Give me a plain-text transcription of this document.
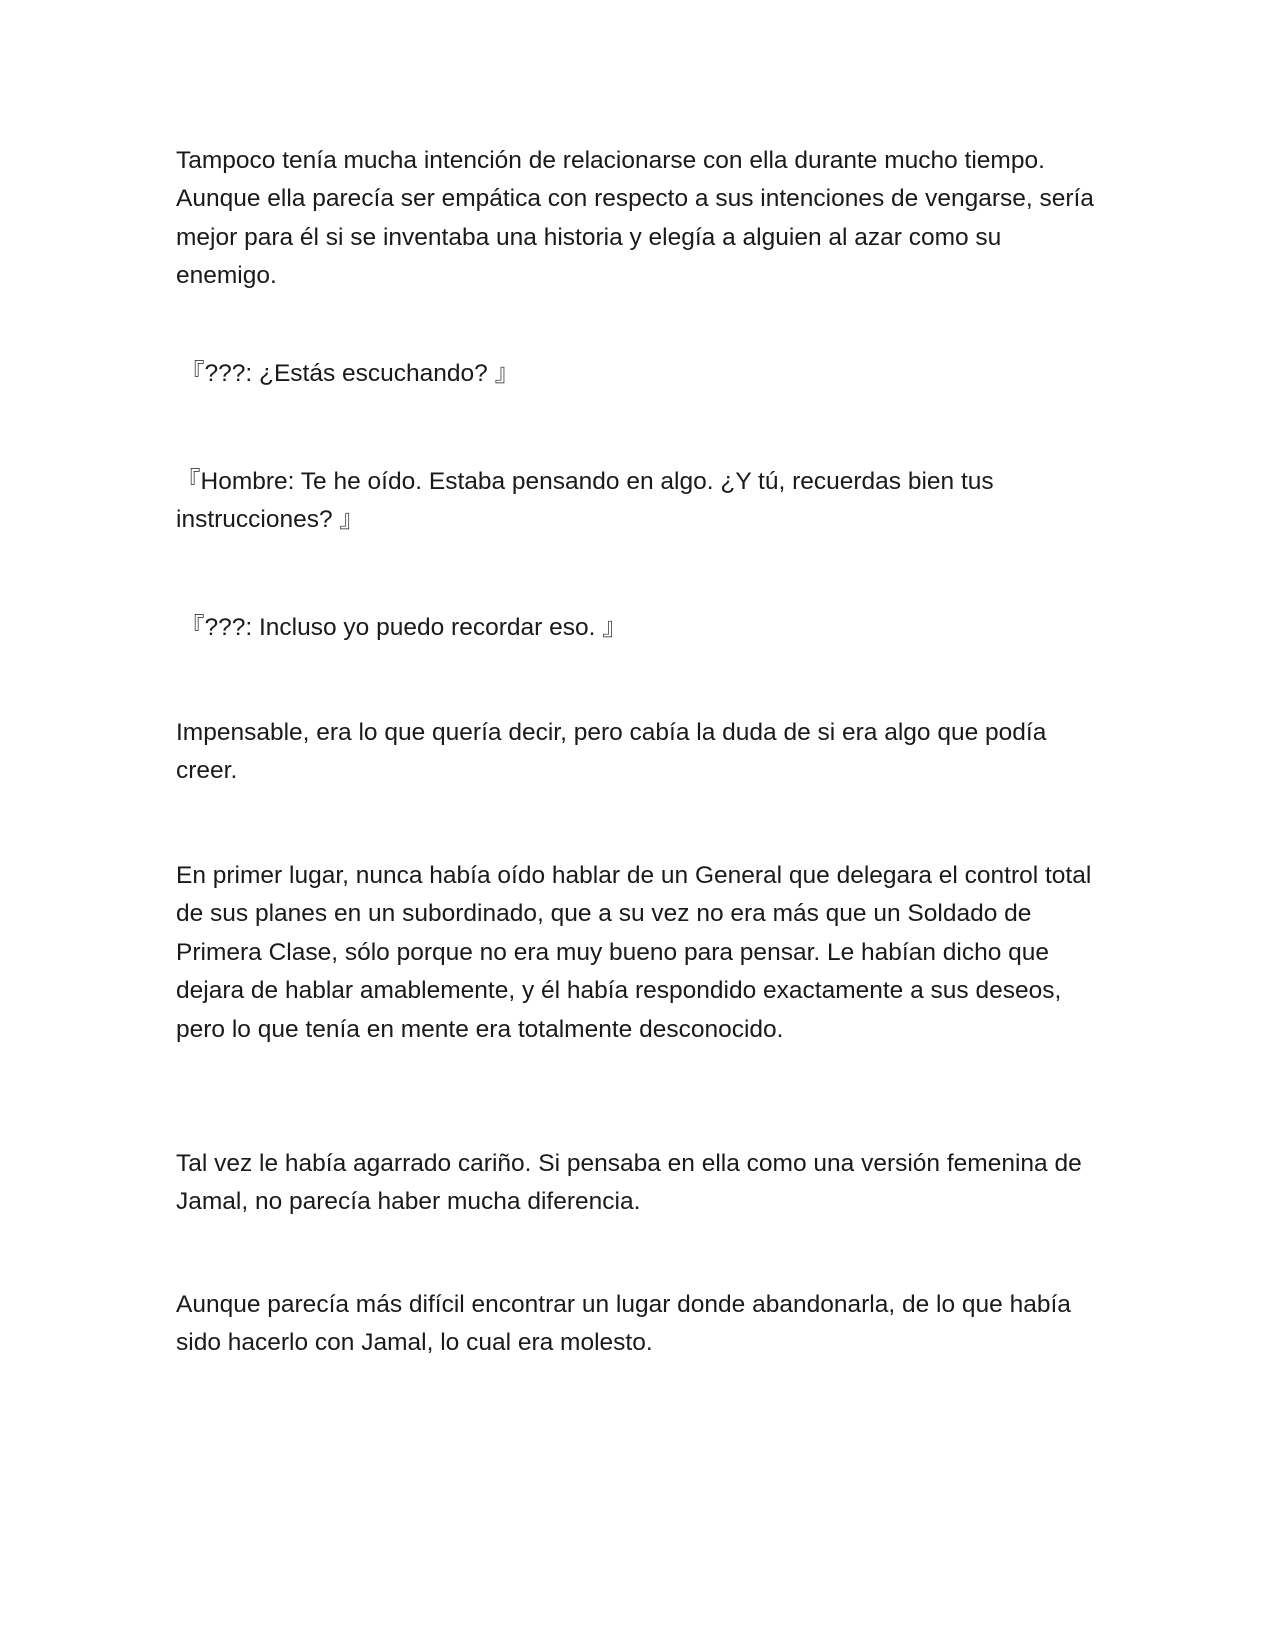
Tampoco tenía mucha intención de relacionarse con ella durante mucho tiempo. Aunque ella parecía ser empática con respecto a sus intenciones de vengarse, sería mejor para él si se inventaba una historia y elegía a alguien al azar como su enemigo.

『???: ¿Estás escuchando? 』

『Hombre: Te he oído. Estaba pensando en algo. ¿Y tú, recuerdas bien tus instrucciones? 』

『???: Incluso yo puedo recordar eso. 』

Impensable, era lo que quería decir, pero cabía la duda de si era algo que podía creer.

En primer lugar, nunca había oído hablar de un General que delegara el control total de sus planes en un subordinado, que a su vez no era más que un Soldado de Primera Clase, sólo porque no era muy bueno para pensar. Le habían dicho que dejara de hablar amablemente, y él había respondido exactamente a sus deseos, pero lo que tenía en mente era totalmente desconocido.

Tal vez le había agarrado cariño. Si pensaba en ella como una versión femenina de Jamal, no parecía haber mucha diferencia.

Aunque parecía más difícil encontrar un lugar donde abandonarla, de lo que había sido hacerlo con Jamal, lo cual era molesto.
